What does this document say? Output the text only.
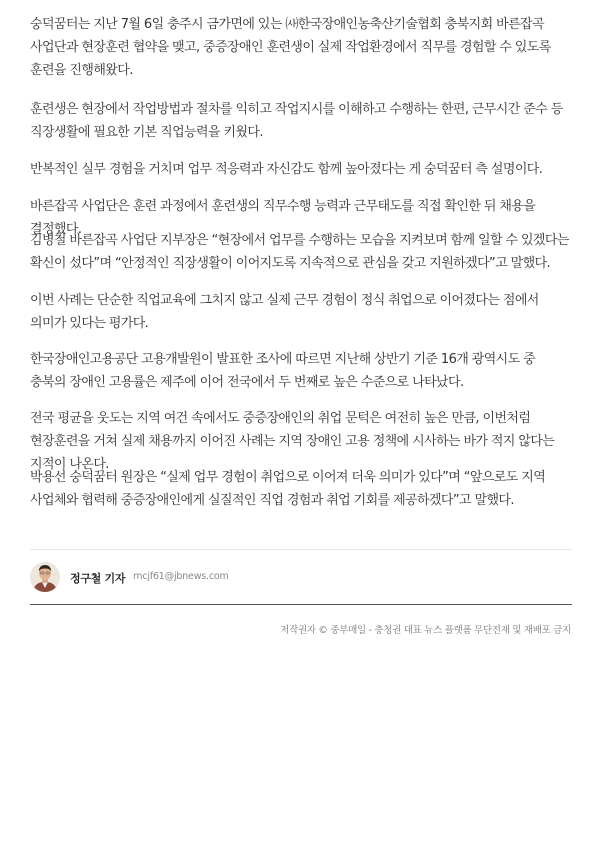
숭덕꿈터는 지난 7월 6일 충주시 금가면에 있는 ㈔한국장애인농축산기술협회 충북지회 바른잡곡 사업단과 현장훈련 협약을 맺고, 중증장애인 훈련생이 실제 작업환경에서 직무를 경험할 수 있도록 훈련을 진행해왔다.

훈련생은 현장에서 작업방법과 절차를 익히고 작업지시를 이해하고 수행하는 한편, 근무시간 준수 등 직장생활에 필요한 기본 직업능력을 키웠다.

반복적인 실무 경험을 거치며 업무 적응력과 자신감도 함께 높아졌다는 게 숭덕꿈터 측 설명이다.

바른잡곡 사업단은 훈련 과정에서 훈련생의 직무수행 능력과 근무태도를 직접 확인한 뒤 채용을 결정했다.

김병철 바른잡곡 사업단 지부장은 “현장에서 업무를 수행하는 모습을 지켜보며 함께 일할 수 있겠다는 확신이 섰다”며 “안정적인 직장생활이 이어지도록 지속적으로 관심을 갖고 지원하겠다”고 말했다.

이번 사례는 단순한 직업교육에 그치지 않고 실제 근무 경험이 정식 취업으로 이어졌다는 점에서 의미가 있다는 평가다.

한국장애인고용공단 고용개발원이 발표한 조사에 따르면 지난해 상반기 기준 16개 광역시도 중 충북의 장애인 고용률은 제주에 이어 전국에서 두 번째로 높은 수준으로 나타났다.

전국 평균을 웃도는 지역 여건 속에서도 중증장애인의 취업 문턱은 여전히 높은 만큼, 이번처럼 현장훈련을 거쳐 실제 채용까지 이어진 사례는 지역 장애인 고용 정책에 시사하는 바가 적지 않다는 지적이 나온다.

박용선 숭덕꿈터 원장은 “실제 업무 경험이 취업으로 이어져 더욱 의미가 있다”며 “앞으로도 지역 사업체와 협력해 중증장애인에게 실질적인 직업 경험과 취업 기회를 제공하겠다”고 말했다.

정구철 기자 rncjf61@jbnews.com
저작권자 © 중부매일 - 충청권 대표 뉴스 플랫폼 무단전재 및 재배포 금지
